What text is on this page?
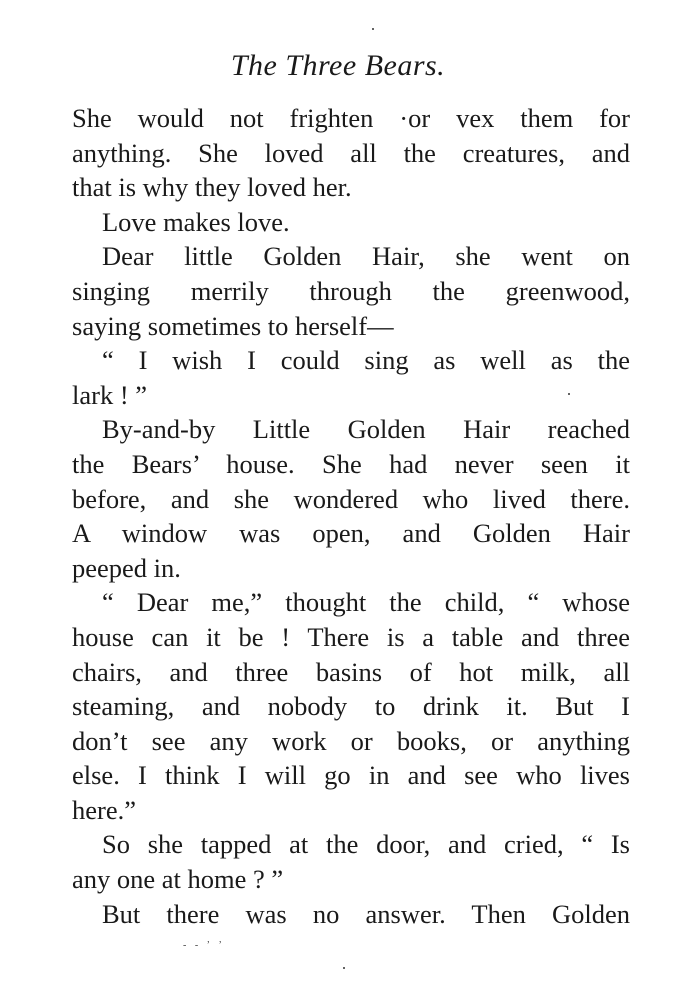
The Three Bears.
She would not frighten ·or vex them for
anything. She loved all the creatures, and
that is why they loved her.
Love makes love.
Dear little Golden Hair, she went on
singing merrily through the greenwood,
saying sometimes to herself—
“ I wish I could sing as well as the
lark ! ”
By-and-by Little Golden Hair reached
the Bears’ house. She had never seen it
before, and she wondered who lived there.
A window was open, and Golden Hair
peeped in.
“ Dear me,” thought the child, “ whose
house can it be ! There is a table and three
chairs, and three basins of hot milk, all
steaming, and nobody to drink it. But I
don’t see any work or books, or anything
else. I think I will go in and see who lives
here.”
So she tapped at the door, and cried, “ Is
any one at home ? ”
But there was no answer. Then Golden
- - ʼ ʼ
